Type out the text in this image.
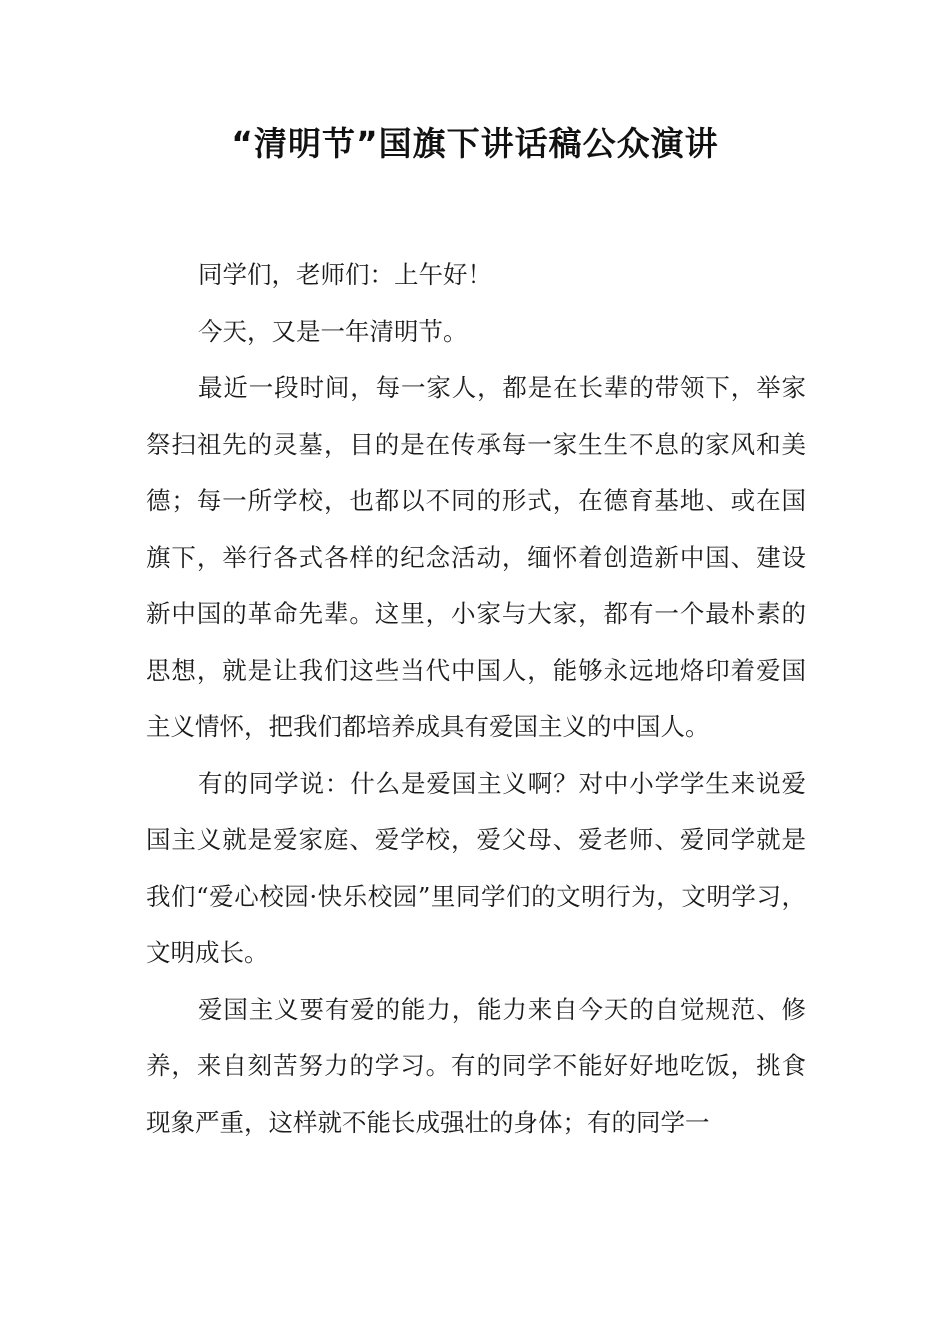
“清明节”国旗下讲话稿公众演讲

同学们，老师们：上午好！

今天，又是一年清明节。

最近一段时间，每一家人，都是在长辈的带领下，举家祭扫祖先的灵墓，目的是在传承每一家生生不息的家风和美德；每一所学校，也都以不同的形式，在德育基地、或在国旗下，举行各式各样的纪念活动，缅怀着创造新中国、建设新中国的革命先辈。这里，小家与大家，都有一个最朴素的思想，就是让我们这些当代中国人，能够永远地烙印着爱国主义情怀，把我们都培养成具有爱国主义的中国人。

有的同学说：什么是爱国主义啊？对中小学学生来说爱国主义就是爱家庭、爱学校，爱父母、爱老师、爱同学就是我们“爱心校园·快乐校园”里同学们的文明行为，文明学习，文明成长。

爱国主义要有爱的能力，能力来自今天的自觉规范、修养，来自刻苦努力的学习。有的同学不能好好地吃饭，挑食现象严重，这样就不能长成强壮的身体；有的同学一
